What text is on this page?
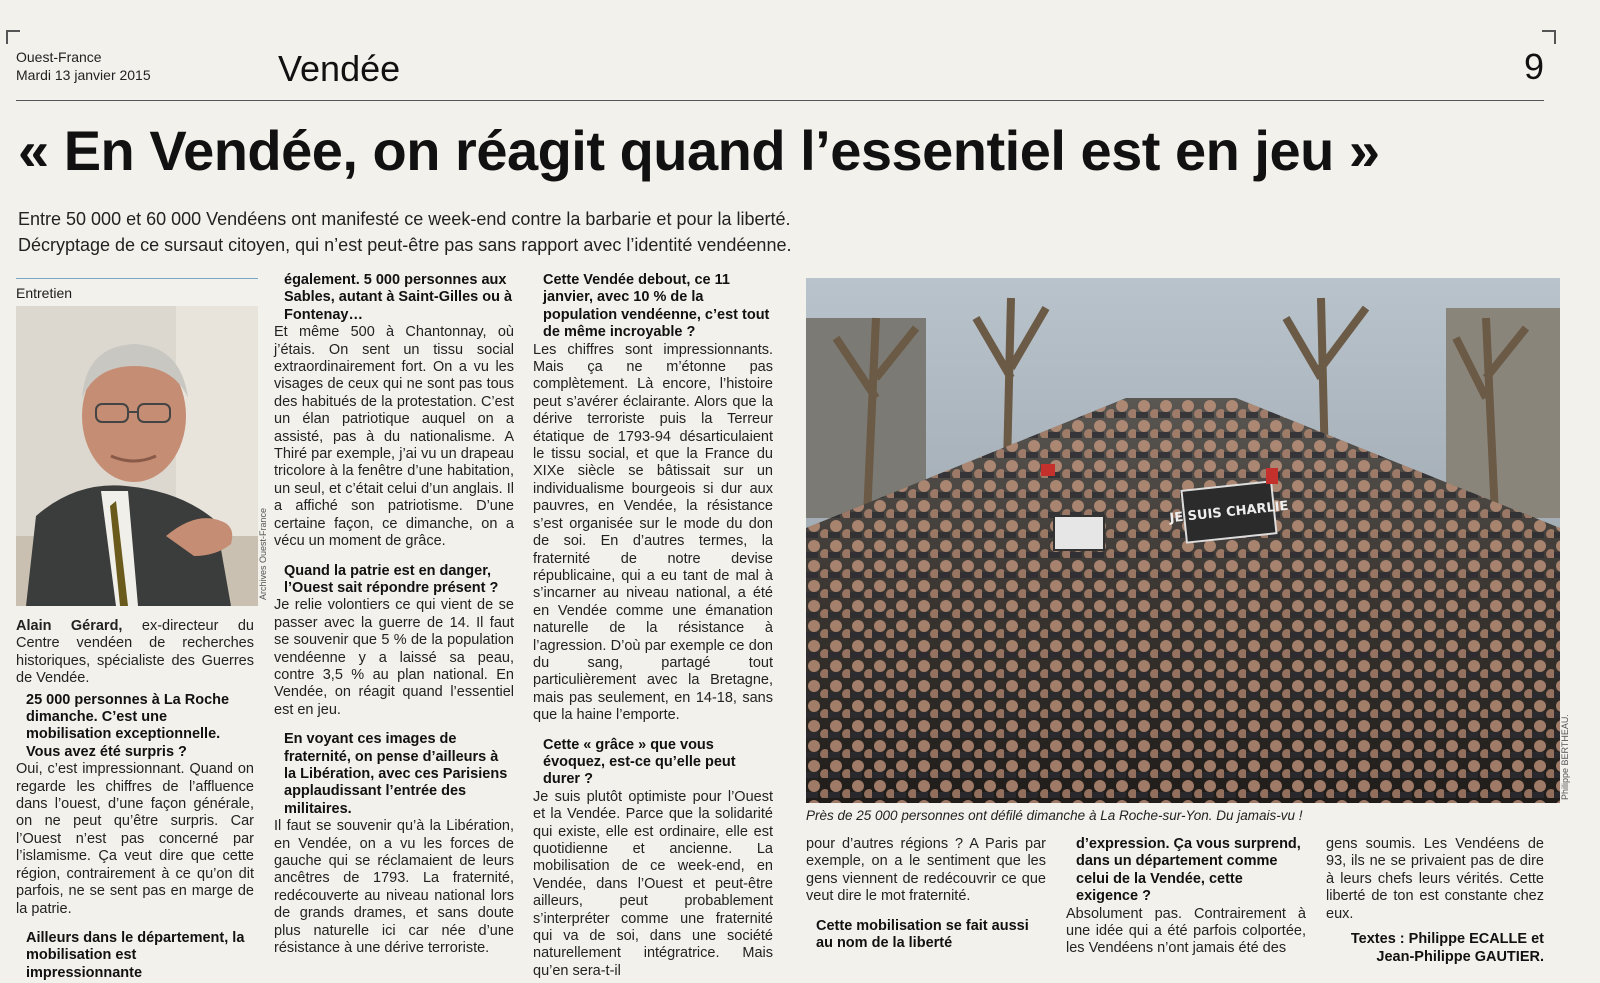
Ouest-France
Mardi 13 janvier 2015	Vendée	9
« En Vendée, on réagit quand l’essentiel est en jeu »
Entre 50 000 et 60 000 Vendéens ont manifesté ce week-end contre la barbarie et pour la liberté.
Décryptage de ce sursaut citoyen, qui n’est peut-être pas sans rapport avec l’identité vendéenne.
Entretien
Archives Ouest-France

Alain Gérard, ex-directeur du Centre vendéen de recherches historiques, spécialiste des Guerres de Vendée.

25 000 personnes à La Roche dimanche. C’est une mobilisation exceptionnelle. Vous avez été surpris ?

Oui, c’est impressionnant. Quand on regarde les chiffres de l’affluence dans l’ouest, d’une façon générale, on ne peut qu’être surpris. Car l’Ouest n’est pas concerné par l’islamisme. Ça veut dire que cette région, contrairement à ce qu’on dit parfois, ne se sent pas en marge de la patrie.

Ailleurs dans le département, la mobilisation est impressionnante

également. 5 000 personnes aux Sables, autant à Saint-Gilles ou à Fontenay…

Et même 500 à Chantonnay, où j’étais. On sent un tissu social extraordinairement fort. On a vu les visages de ceux qui ne sont pas tous des habitués de la protestation. C’est un élan patriotique auquel on a assisté, pas à du nationalisme. A Thiré par exemple, j’ai vu un drapeau tricolore à la fenêtre d’une habitation, un seul, et c’était celui d’un anglais. Il a affiché son patriotisme. D’une certaine façon, ce dimanche, on a vécu un moment de grâce.

Quand la patrie est en danger, l’Ouest sait répondre présent ?

Je relie volontiers ce qui vient de se passer avec la guerre de 14. Il faut se souvenir que 5 % de la population vendéenne y a laissé sa peau, contre 3,5 % au plan national. En Vendée, on réagit quand l’essentiel est en jeu.

En voyant ces images de fraternité, on pense d’ailleurs à la Libération, avec ces Parisiens applaudissant l’entrée des militaires.

Il faut se souvenir qu’à la Libération, en Vendée, on a vu les forces de gauche qui se réclamaient de leurs ancêtres de 1793. La fraternité, redécouverte au niveau national lors de grands drames, et sans doute plus naturelle ici car née d’une résistance à une dérive terroriste.

Cette Vendée debout, ce 11 janvier, avec 10 % de la population vendéenne, c’est tout de même incroyable ?

Les chiffres sont impressionnants. Mais ça ne m’étonne pas complètement. Là encore, l’histoire peut s’avérer éclairante. Alors que la dérive terroriste puis la Terreur étatique de 1793-94 désarticulaient le tissu social, et que la France du XIXe siècle se bâtissait sur un individualisme bourgeois si dur aux pauvres, en Vendée, la résistance s’est organisée sur le mode du don de soi. En d’autres termes, la fraternité de notre devise républicaine, qui a eu tant de mal à s’incarner au niveau national, a été en Vendée comme une émanation naturelle de la résistance à l’agression. D’où par exemple ce don du sang, partagé tout particulièrement avec la Bretagne, mais pas seulement, en 14-18, sans que la haine l’emporte.

Cette « grâce » que vous évoquez, est-ce qu’elle peut durer ?

Je suis plutôt optimiste pour l’Ouest et la Vendée. Parce que la solidarité qui existe, elle est ordinaire, elle est quotidienne et ancienne. La mobilisation de ce week-end, en Vendée, dans l’Ouest et peut-être ailleurs, peut probablement s’interpréter comme une fraternité qui va de soi, dans une société naturellement intégratrice. Mais qu’en sera-t-il

JE SUIS CHARLIE
Philippe BERTHEAU.
Près de 25 000 personnes ont défilé dimanche à La Roche-sur-Yon. Du jamais-vu !

pour d’autres régions ? A Paris par exemple, on a le sentiment que les gens viennent de redécouvrir ce que veut dire le mot fraternité.

Cette mobilisation se fait aussi au nom de la liberté

d’expression. Ça vous surprend, dans un département comme celui de la Vendée, cette exigence ?

Absolument pas. Contrairement à une idée qui a été parfois colportée, les Vendéens n’ont jamais été des

gens soumis. Les Vendéens de 93, ils ne se privaient pas de dire à leurs chefs leurs vérités. Cette liberté de ton est constante chez eux.

Textes : Philippe ECALLE et
Jean-Philippe GAUTIER.
